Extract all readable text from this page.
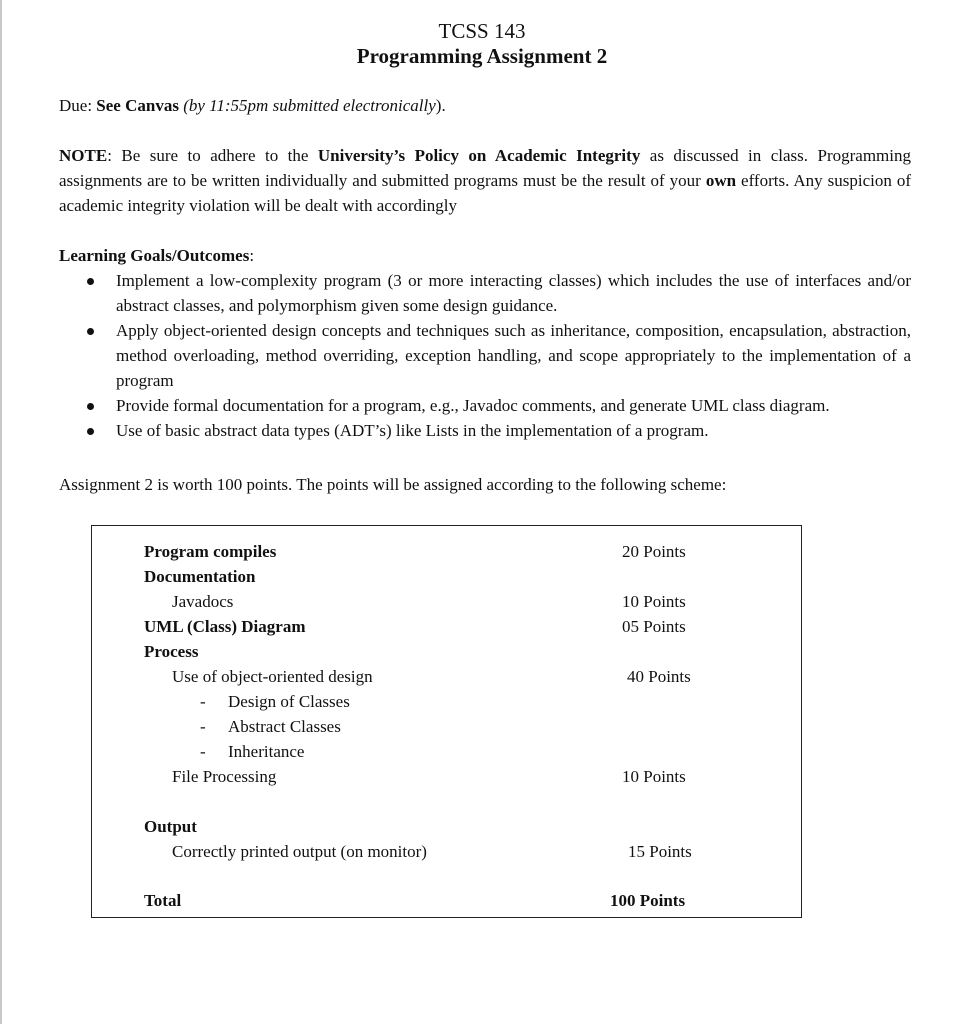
TCSS 143
Programming Assignment 2
Due: See Canvas (by 11:55pm submitted electronically).
NOTE: Be sure to adhere to the University’s Policy on Academic Integrity as discussed in class. Programming assignments are to be written individually and submitted programs must be the result of your own efforts. Any suspicion of academic integrity violation will be dealt with accordingly
Learning Goals/Outcomes:
Implement a low-complexity program (3 or more interacting classes) which includes the use of interfaces and/or abstract classes, and polymorphism given some design guidance.
Apply object-oriented design concepts and techniques such as inheritance, composition, encapsulation, abstraction, method overloading, method overriding, exception handling, and scope appropriately to the implementation of a program
Provide formal documentation for a program, e.g., Javadoc comments, and generate UML class diagram.
Use of basic abstract data types (ADT’s) like Lists in the implementation of a program.
Assignment 2 is worth 100 points. The points will be assigned according to the following scheme:
Program compiles	20 Points
Documentation
Javadocs	10 Points
UML (Class) Diagram	05 Points
Process
Use of object-oriented design	40 Points
- Design of Classes
- Abstract Classes
- Inheritance
File Processing	10 Points
Output
Correctly printed output (on monitor)	15 Points
Total	100 Points
